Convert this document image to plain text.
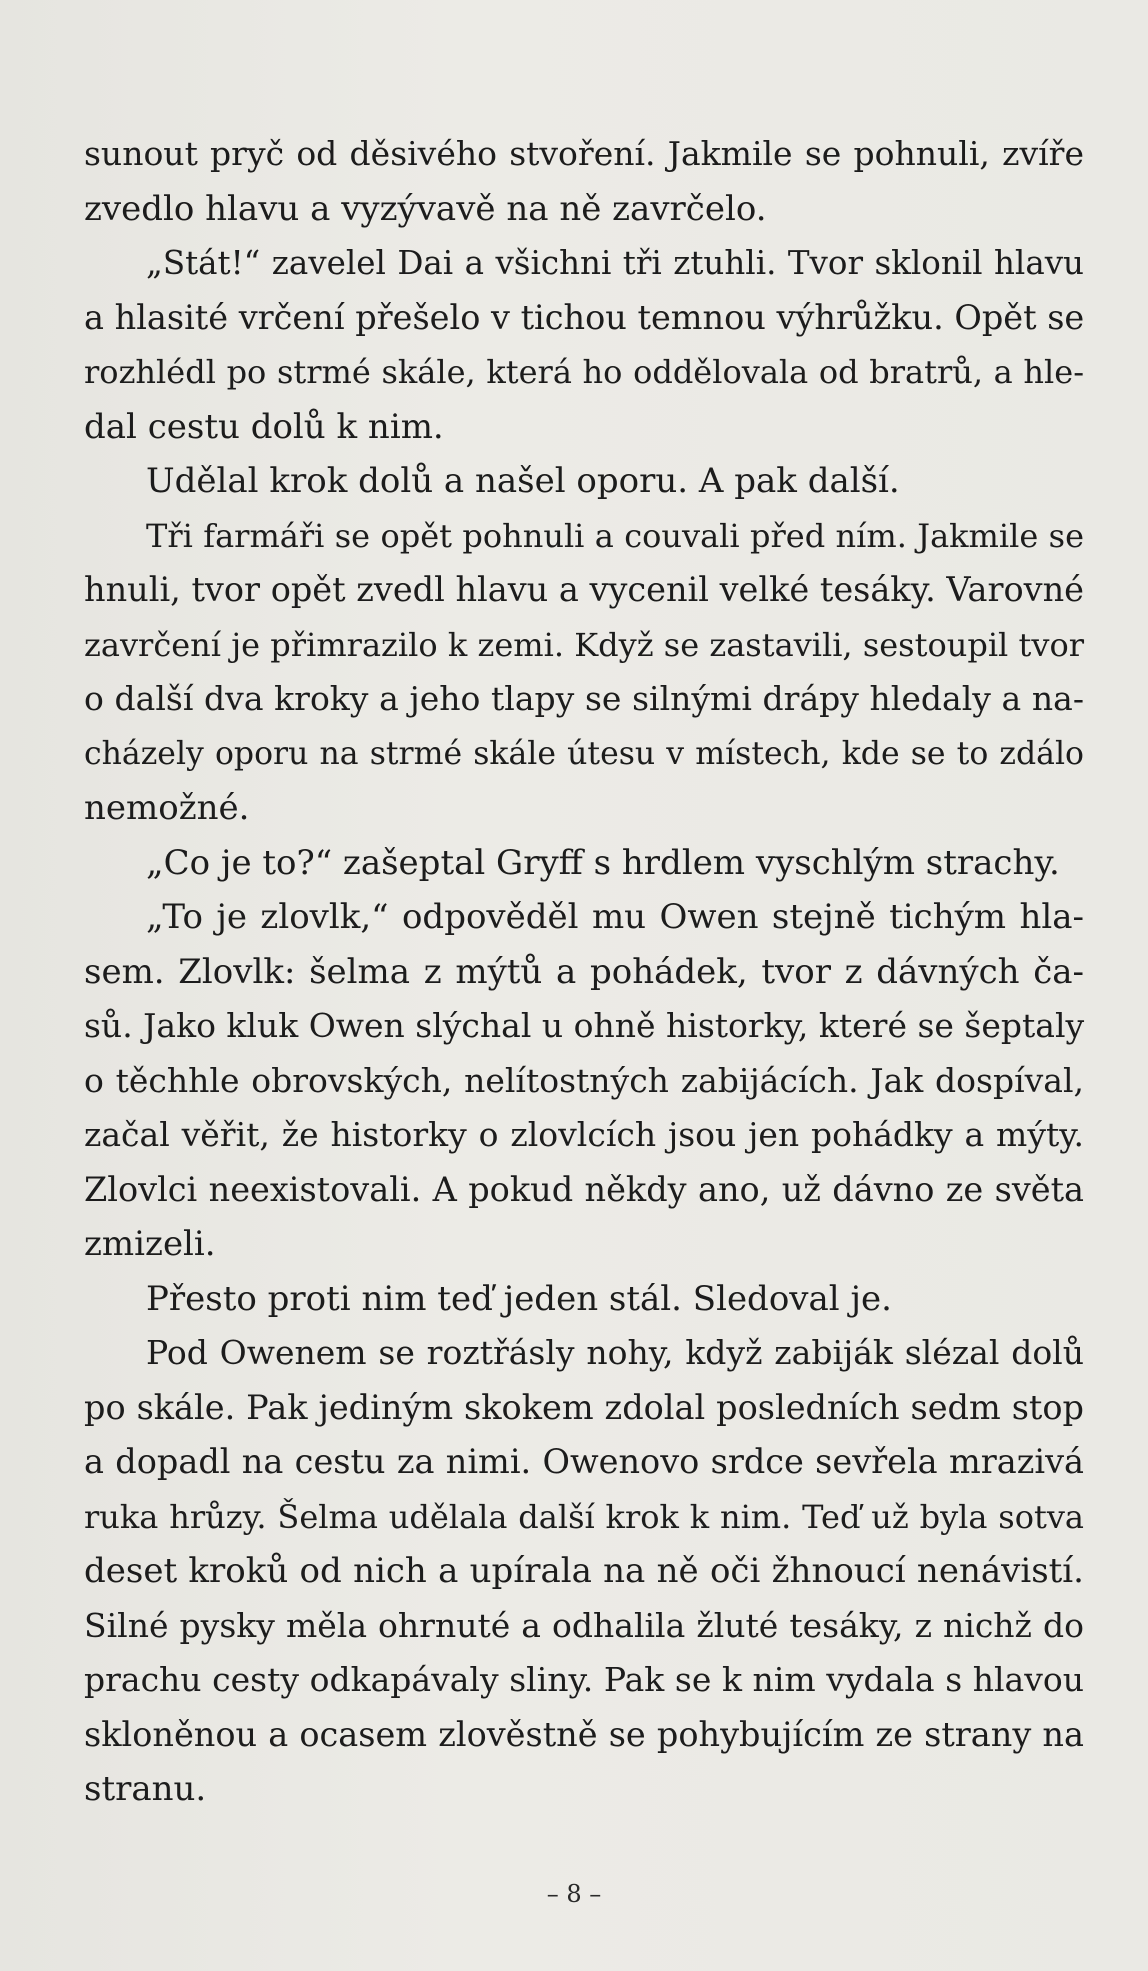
sunout pryč od děsivého stvoření. Jakmile se pohnuli, zvíře
zvedlo hlavu a vyzývavě na ně zavrčelo.
„Stát!“ zavelel Dai a všichni tři ztuhli. Tvor sklonil hlavu
a hlasité vrčení přešelo v tichou temnou výhrůžku. Opět se
rozhlédl po strmé skále, která ho oddělovala od bratrů, a hle-
dal cestu dolů k nim.
Udělal krok dolů a našel oporu. A pak další.
Tři farmáři se opět pohnuli a couvali před ním. Jakmile se
hnuli, tvor opět zvedl hlavu a vycenil velké tesáky. Varovné
zavrčení je přimrazilo k zemi. Když se zastavili, sestoupil tvor
o další dva kroky a jeho tlapy se silnými drápy hledaly a na-
cházely oporu na strmé skále útesu v místech, kde se to zdálo
nemožné.
„Co je to?“ zašeptal Gryff s hrdlem vyschlým strachy.
„To je zlovlk,“ odpověděl mu Owen stejně tichým hla-
sem. Zlovlk: šelma z mýtů a pohádek, tvor z dávných ča-
sů. Jako kluk Owen slýchal u ohně historky, které se šeptaly
o těchhle obrovských, nelítostných zabijácích. Jak dospíval,
začal věřit, že historky o zlovlcích jsou jen pohádky a mýty.
Zlovlci neexistovali. A pokud někdy ano, už dávno ze světa
zmizeli.
Přesto proti nim teď jeden stál. Sledoval je.
Pod Owenem se roztřásly nohy, když zabiják slézal dolů
po skále. Pak jediným skokem zdolal posledních sedm stop
a dopadl na cestu za nimi. Owenovo srdce sevřela mrazivá
ruka hrůzy. Šelma udělala další krok k nim. Teď už byla sotva
deset kroků od nich a upírala na ně oči žhnoucí nenávistí.
Silné pysky měla ohrnuté a odhalila žluté tesáky, z nichž do
prachu cesty odkapávaly sliny. Pak se k nim vydala s hlavou
skloněnou a ocasem zlověstně se pohybujícím ze strany na
stranu.
– 8 –
